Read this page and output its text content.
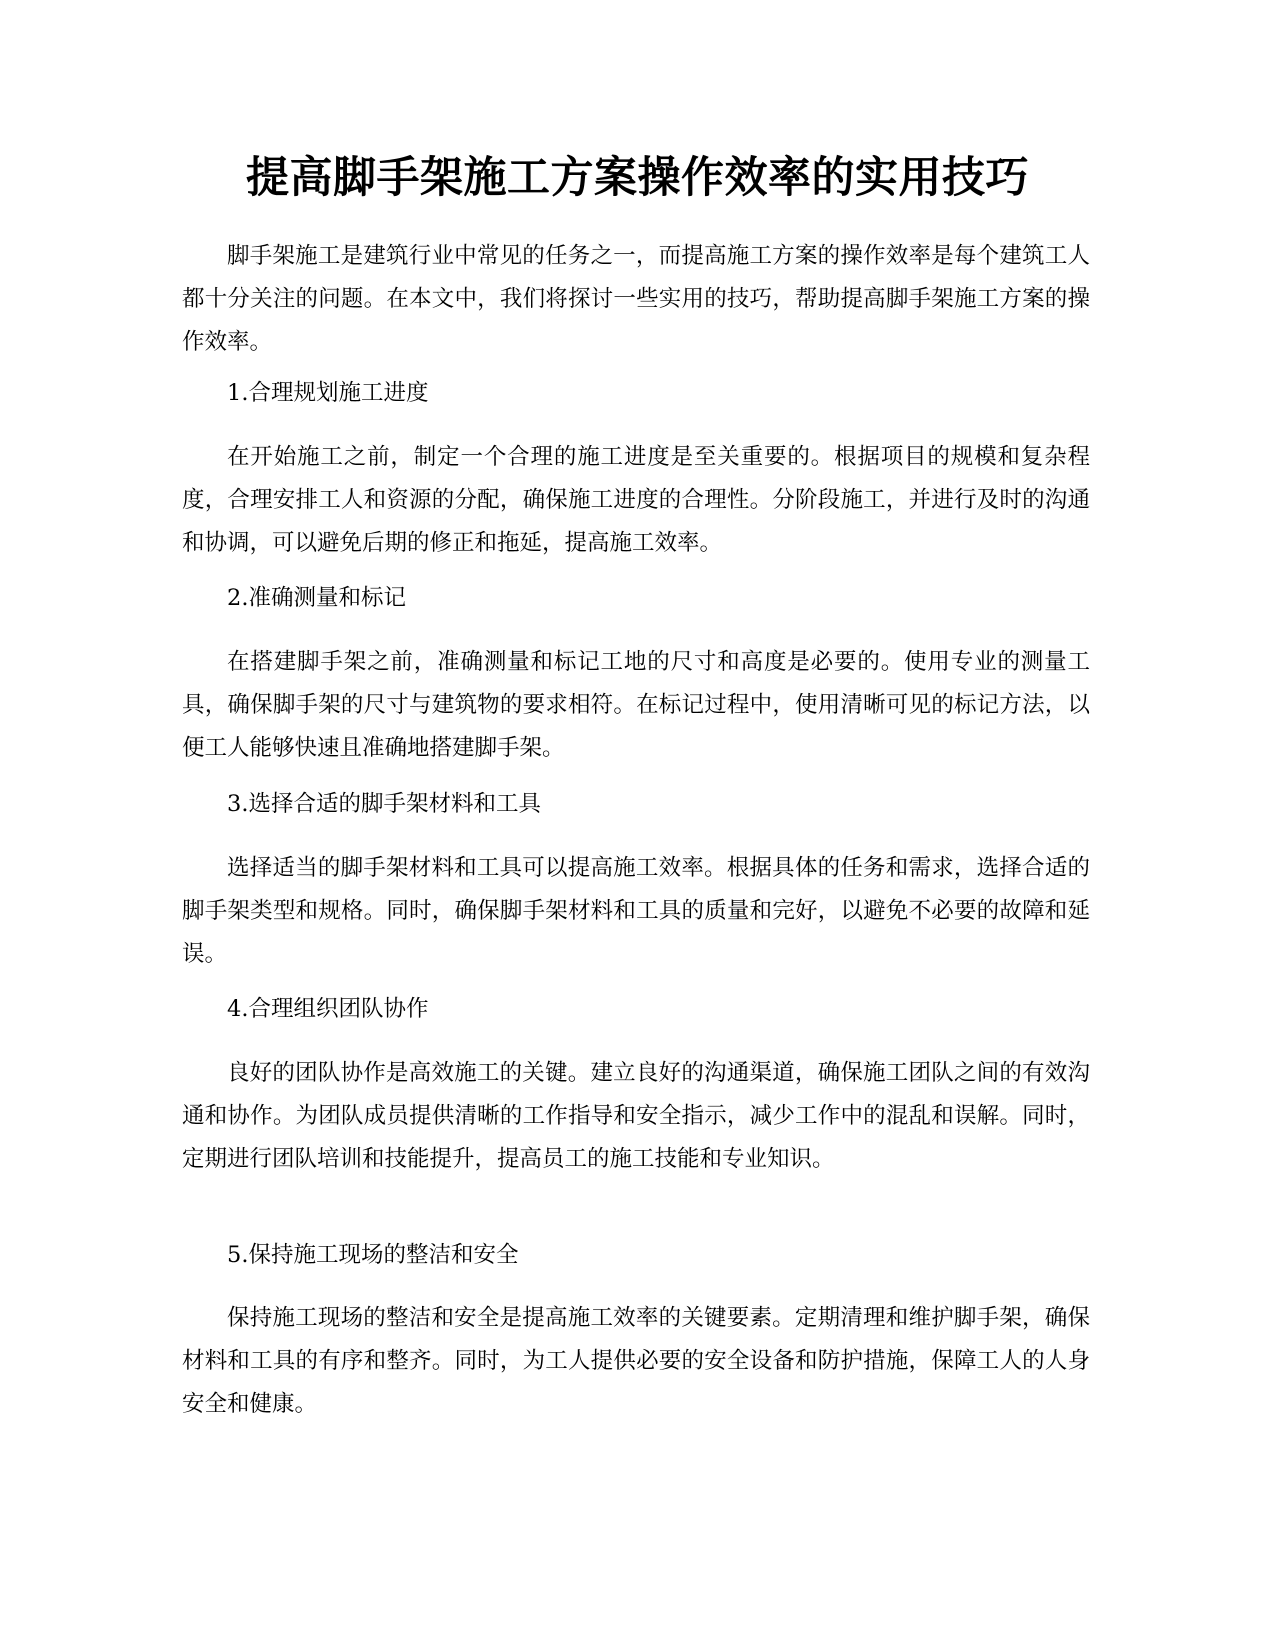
提高脚手架施工方案操作效率的实用技巧

脚手架施工是建筑行业中常见的任务之一，而提高施工方案的操作效率是每个建筑工人都十分关注的问题。在本文中，我们将探讨一些实用的技巧，帮助提高脚手架施工方案的操作效率。

1.合理规划施工进度

在开始施工之前，制定一个合理的施工进度是至关重要的。根据项目的规模和复杂程度，合理安排工人和资源的分配，确保施工进度的合理性。分阶段施工，并进行及时的沟通和协调，可以避免后期的修正和拖延，提高施工效率。

2.准确测量和标记

在搭建脚手架之前，准确测量和标记工地的尺寸和高度是必要的。使用专业的测量工具，确保脚手架的尺寸与建筑物的要求相符。在标记过程中，使用清晰可见的标记方法，以便工人能够快速且准确地搭建脚手架。

3.选择合适的脚手架材料和工具

选择适当的脚手架材料和工具可以提高施工效率。根据具体的任务和需求，选择合适的脚手架类型和规格。同时，确保脚手架材料和工具的质量和完好，以避免不必要的故障和延误。

4.合理组织团队协作

良好的团队协作是高效施工的关键。建立良好的沟通渠道，确保施工团队之间的有效沟通和协作。为团队成员提供清晰的工作指导和安全指示，减少工作中的混乱和误解。同时，定期进行团队培训和技能提升，提高员工的施工技能和专业知识。

5.保持施工现场的整洁和安全

保持施工现场的整洁和安全是提高施工效率的关键要素。定期清理和维护脚手架，确保材料和工具的有序和整齐。同时，为工人提供必要的安全设备和防护措施，保障工人的人身安全和健康。
